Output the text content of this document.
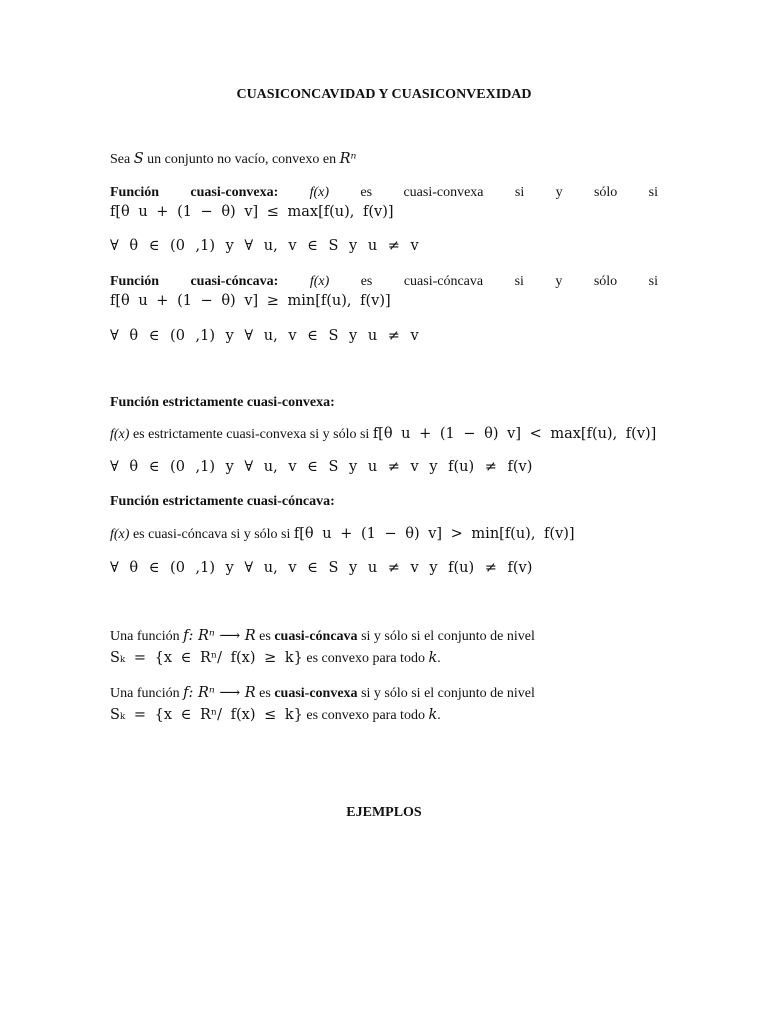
CUASICONCAVIDAD Y CUASICONVEXIDAD
Sea S un conjunto no vacío, convexo en Rⁿ
Función cuasi-convexa: f(x) es cuasi-convexa si y sólo si
f[θ u + (1 − θ) v] ≤ max[f(u), f(v)]
∀ θ ∈ (0 ,1) y ∀ u, v ∈ S y u ≠ v
Función cuasi-cóncava: f(x) es cuasi-cóncava si y sólo si
f[θ u + (1 − θ) v] ≥ min[f(u), f(v)]
∀ θ ∈ (0 ,1) y ∀ u, v ∈ S y u ≠ v
Función estrictamente cuasi-convexa:
f(x) es estrictamente cuasi-convexa si y sólo si f[θ u + (1 − θ) v] < max[f(u), f(v)]
∀ θ ∈ (0 ,1) y ∀ u, v ∈ S y u ≠ v y f(u) ≠ f(v)
Función estrictamente cuasi-cóncava:
f(x) es cuasi-cóncava si y sólo si f[θ u + (1 − θ) v] > min[f(u), f(v)]
∀ θ ∈ (0 ,1) y ∀ u, v ∈ S y u ≠ v y f(u) ≠ f(v)
Una función f: Rⁿ ⟶ R es cuasi-cóncava si y sólo si el conjunto de nivel
Sₖ = {x ∈ Rⁿ/ f(x) ≥ k} es convexo para todo k.
Una función f: Rⁿ ⟶ R es cuasi-convexa si y sólo si el conjunto de nivel
Sₖ = {x ∈ Rⁿ/ f(x) ≤ k} es convexo para todo k.
EJEMPLOS
